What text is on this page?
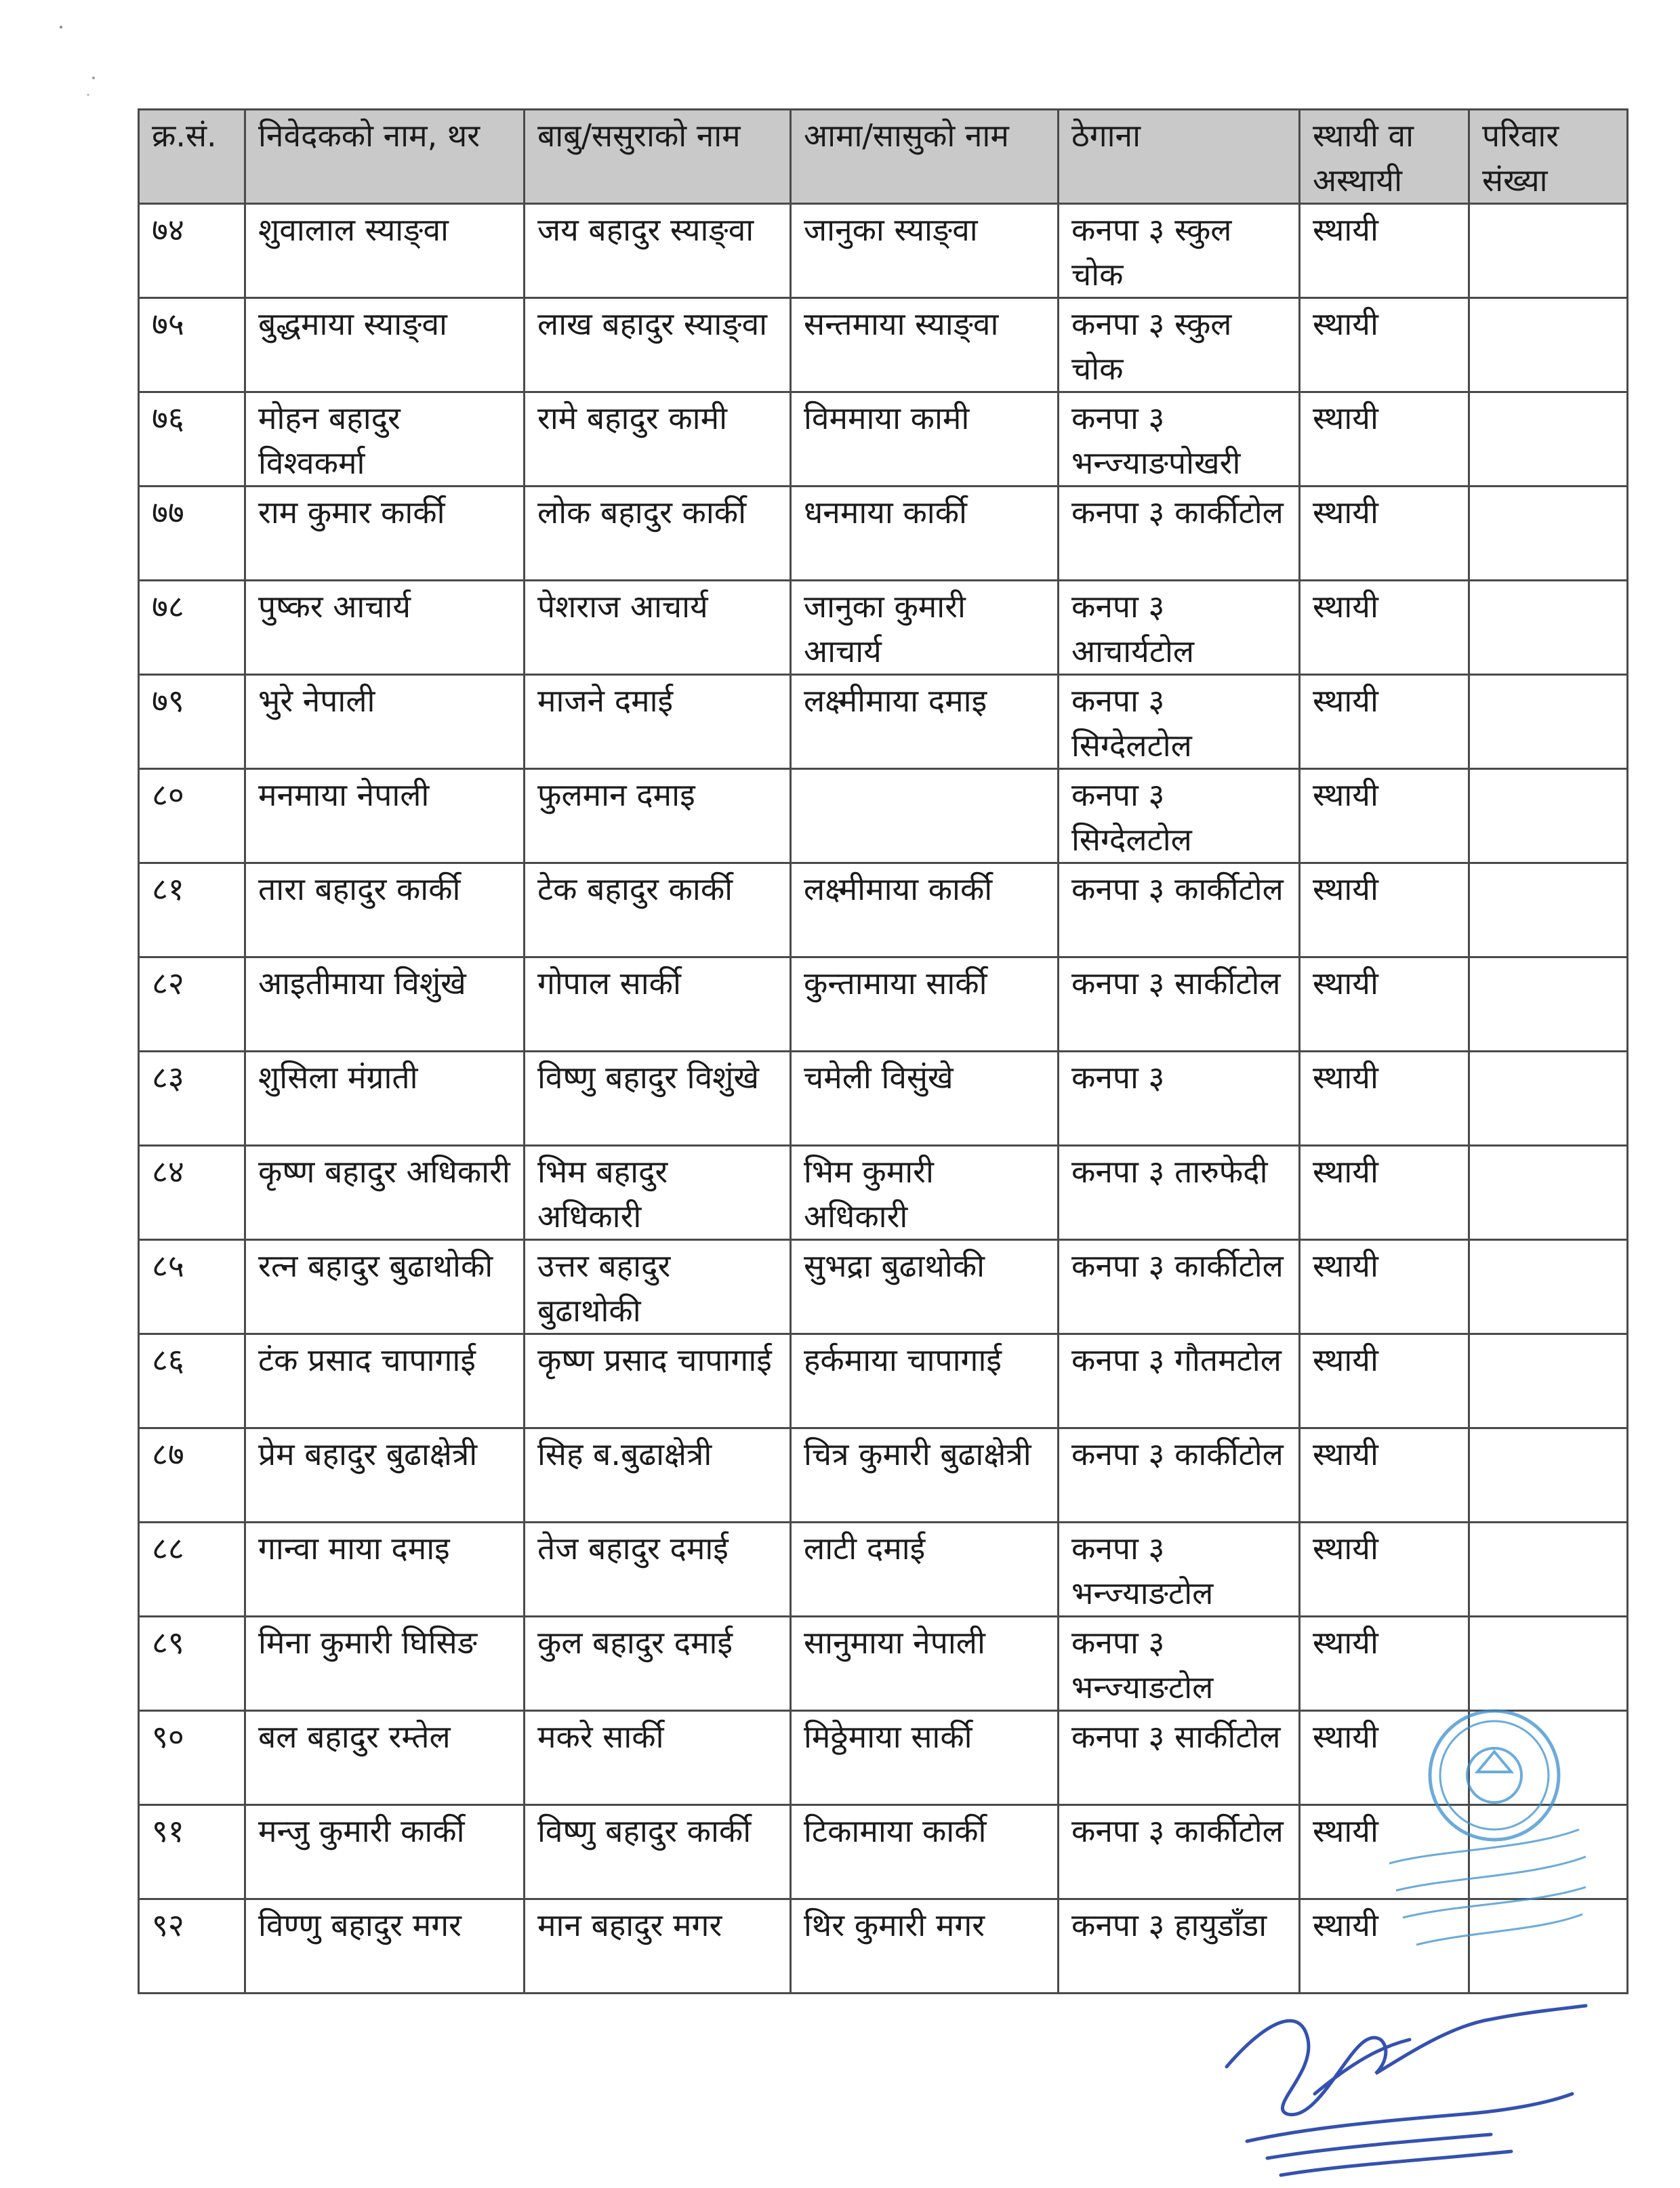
क्र.सं.	निवेदकको नाम, थर	बाबु/ससुराको नाम	आमा/सासुको नाम	ठेगाना	स्थायी वा अस्थायी	परिवार संख्या
७४	शुवालाल स्याङ्वा	जय बहादुर स्याङ्वा	जानुका स्याङ्वा	कनपा ३ स्कुल चोक	स्थायी	
७५	बुद्धमाया स्याङ्वा	लाख बहादुर स्याङ्वा	सन्तमाया स्याङ्वा	कनपा ३ स्कुल चोक	स्थायी	
७६	मोहन बहादुर विश्वकर्मा	रामे बहादुर कामी	विममाया कामी	कनपा ३ भन्ज्याङपोखरी	स्थायी	
७७	राम कुमार कार्की	लोक बहादुर कार्की	धनमाया कार्की	कनपा ३ कार्कीटोल	स्थायी	
७८	पुष्कर आचार्य	पेशराज आचार्य	जानुका कुमारी आचार्य	कनपा ३ आचार्यटोल	स्थायी	
७९	भुरे नेपाली	माजने दमाई	लक्ष्मीमाया दमाइ	कनपा ३ सिग्देलटोल	स्थायी	
८०	मनमाया नेपाली	फुलमान दमाइ		कनपा ३ सिग्देलटोल	स्थायी	
८१	तारा बहादुर कार्की	टेक बहादुर कार्की	लक्ष्मीमाया कार्की	कनपा ३ कार्कीटोल	स्थायी	
८२	आइतीमाया विशुंखे	गोपाल सार्की	कुन्तामाया सार्की	कनपा ३ सार्कीटोल	स्थायी	
८३	शुसिला मंग्राती	विष्णु बहादुर विशुंखे	चमेली विसुंखे	कनपा ३	स्थायी	
८४	कृष्ण बहादुर अधिकारी	भिम बहादुर अधिकारी	भिम कुमारी अधिकारी	कनपा ३ तारुफेदी	स्थायी	
८५	रत्न बहादुर बुढाथोकी	उत्तर बहादुर बुढाथोकी	सुभद्रा बुढाथोकी	कनपा ३ कार्कीटोल	स्थायी	
८६	टंक प्रसाद चापागाई	कृष्ण प्रसाद चापागाई	हर्कमाया चापागाई	कनपा ३ गौतमटोल	स्थायी	
८७	प्रेम बहादुर बुढाक्षेत्री	सिह ब.बुढाक्षेत्री	चित्र कुमारी बुढाक्षेत्री	कनपा ३ कार्कीटोल	स्थायी	
८८	गान्वा माया दमाइ	तेज बहादुर दमाई	लाटी दमाई	कनपा ३ भन्ज्याङटोल	स्थायी	
८९	मिना कुमारी घिसिङ	कुल बहादुर दमाई	सानुमाया नेपाली	कनपा ३ भन्ज्याङटोल	स्थायी	
९०	बल बहादुर रम्तेल	मकरे सार्की	मिठ्ठेमाया सार्की	कनपा ३ सार्कीटोल	स्थायी	
९१	मन्जु कुमारी कार्की	विष्णु बहादुर कार्की	टिकामाया कार्की	कनपा ३ कार्कीटोल	स्थायी	
९२	विण्णु बहादुर मगर	मान बहादुर मगर	थिर कुमारी मगर	कनपा ३ हायुडाँडा	स्थायी	
